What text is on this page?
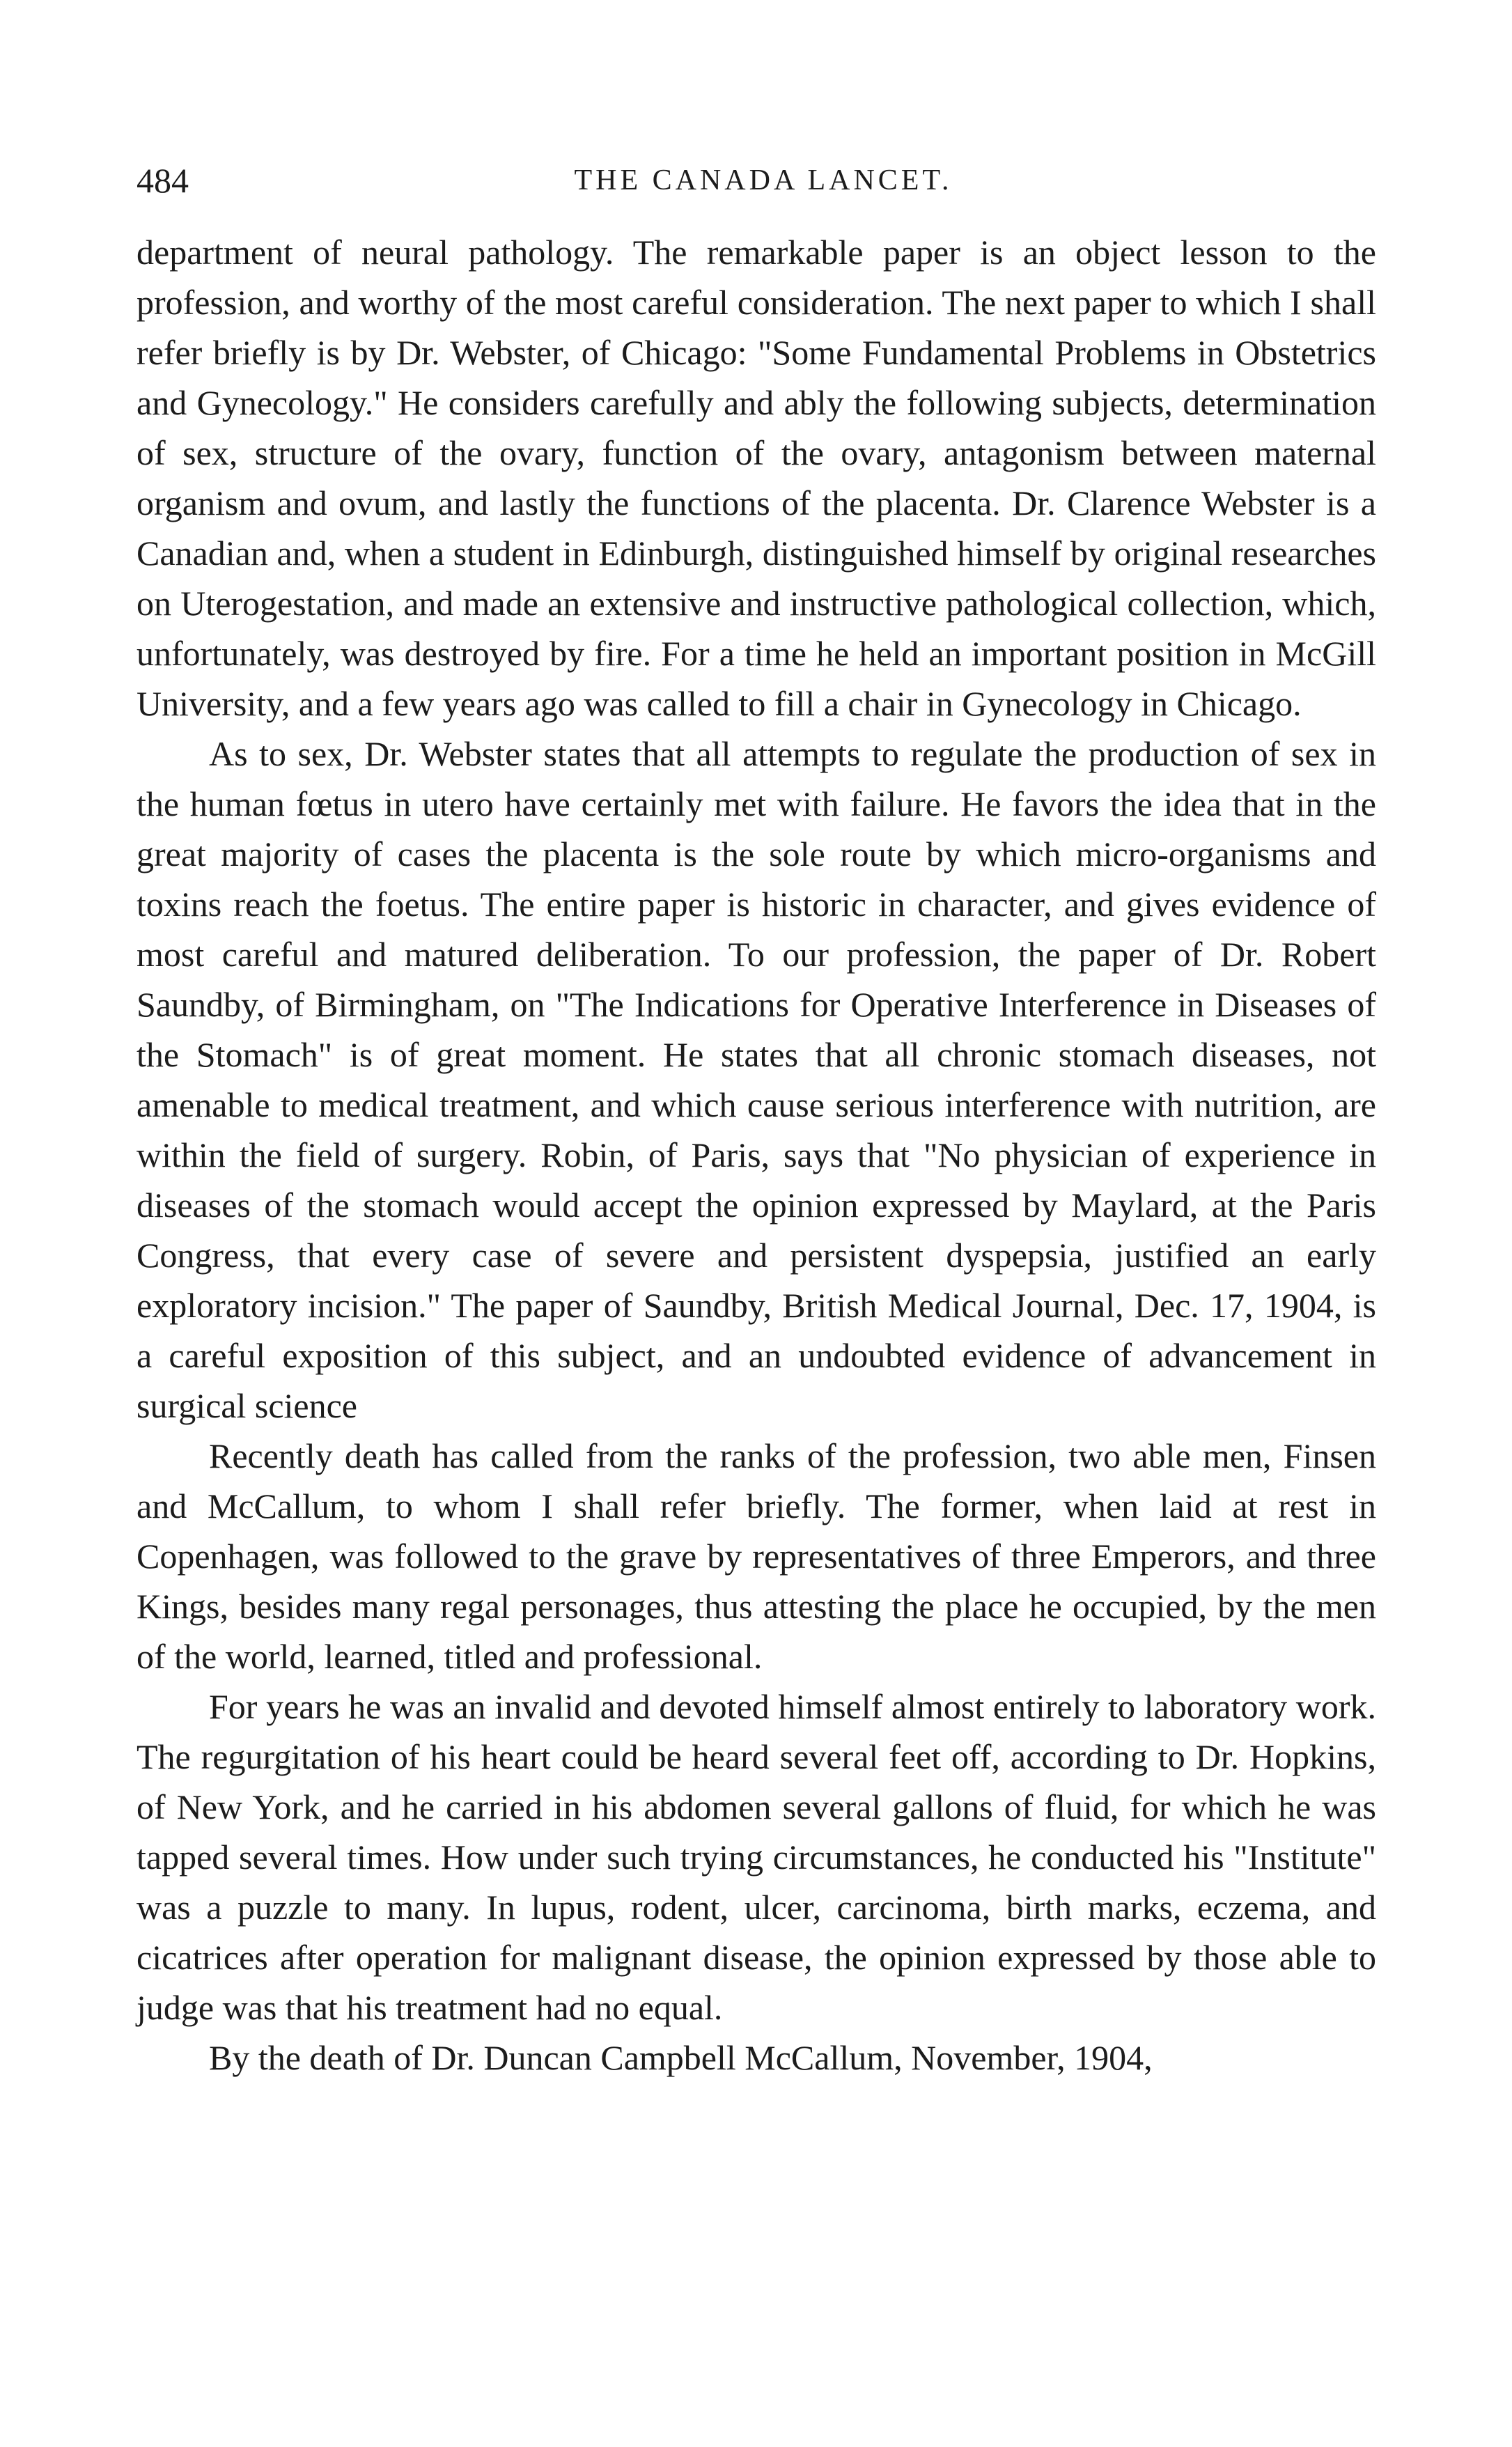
484	THE CANADA LANCET.

department of neural pathology. The remarkable paper is an object lesson to the profession, and worthy of the most careful consideration. The next paper to which I shall refer briefly is by Dr. Webster, of Chicago: "Some Fundamental Problems in Obstetrics and Gynecology." He considers carefully and ably the following subjects, determination of sex, structure of the ovary, function of the ovary, antagonism between maternal organism and ovum, and lastly the functions of the placenta. Dr. Clarence Webster is a Canadian and, when a student in Edinburgh, distinguished himself by original researches on Uterogestation, and made an extensive and instructive pathological collection, which, unfortunately, was destroyed by fire. For a time he held an important position in McGill University, and a few years ago was called to fill a chair in Gynecology in Chicago.

As to sex, Dr. Webster states that all attempts to regulate the production of sex in the human fœtus in utero have certainly met with failure. He favors the idea that in the great majority of cases the placenta is the sole route by which micro-organisms and toxins reach the foetus. The entire paper is historic in character, and gives evidence of most careful and matured deliberation. To our profession, the paper of Dr. Robert Saundby, of Birmingham, on "The Indications for Operative Interference in Diseases of the Stomach" is of great moment. He states that all chronic stomach diseases, not amenable to medical treatment, and which cause serious interference with nutrition, are within the field of surgery. Robin, of Paris, says that "No physician of experience in diseases of the stomach would accept the opinion expressed by Maylard, at the Paris Congress, that every case of severe and persistent dyspepsia, justified an early exploratory incision." The paper of Saundby, British Medical Journal, Dec. 17, 1904, is a careful exposition of this subject, and an undoubted evidence of advancement in surgical science

Recently death has called from the ranks of the profession, two able men, Finsen and McCallum, to whom I shall refer briefly. The former, when laid at rest in Copenhagen, was followed to the grave by representatives of three Emperors, and three Kings, besides many regal personages, thus attesting the place he occupied, by the men of the world, learned, titled and professional.

For years he was an invalid and devoted himself almost entirely to laboratory work. The regurgitation of his heart could be heard several feet off, according to Dr. Hopkins, of New York, and he carried in his abdomen several gallons of fluid, for which he was tapped several times. How under such trying circumstances, he conducted his "Institute" was a puzzle to many. In lupus, rodent, ulcer, carcinoma, birth marks, eczema, and cicatrices after operation for malignant disease, the opinion expressed by those able to judge was that his treatment had no equal.

By the death of Dr. Duncan Campbell McCallum, November, 1904,
